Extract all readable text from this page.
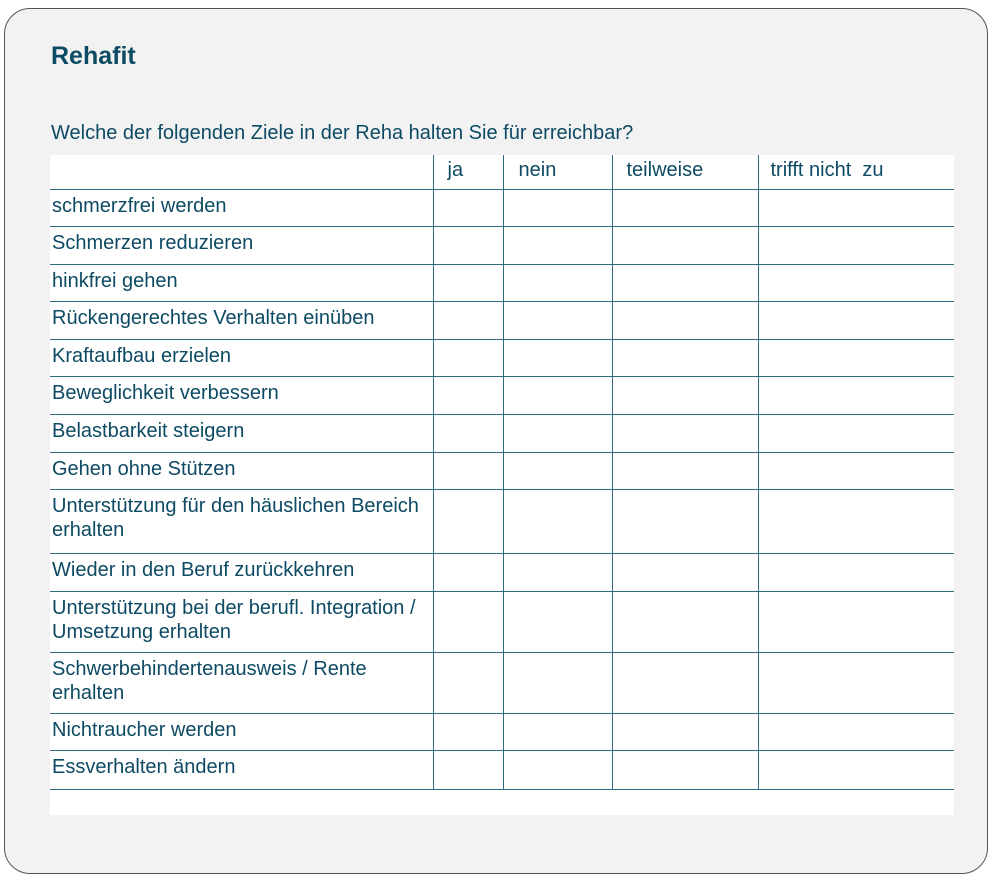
Rehafit
Welche der folgenden Ziele in der Reha halten Sie für erreichbar?
	ja	nein	teilweise	trifft nicht  zu
schmerzfrei werden				
Schmerzen reduzieren				
hinkfrei gehen				
Rückengerechtes Verhalten einüben				
Kraftaufbau erzielen				
Beweglichkeit verbessern				
Belastbarkeit steigern				
Gehen ohne Stützen				
Unterstützung für den häuslichen Bereich erhalten				
Wieder in den Beruf zurückkehren				
Unterstützung bei der berufl. Integration / Umsetzung erhalten				
Schwerbehindertenausweis / Rente erhalten				
Nichtraucher werden				
Essverhalten ändern				
